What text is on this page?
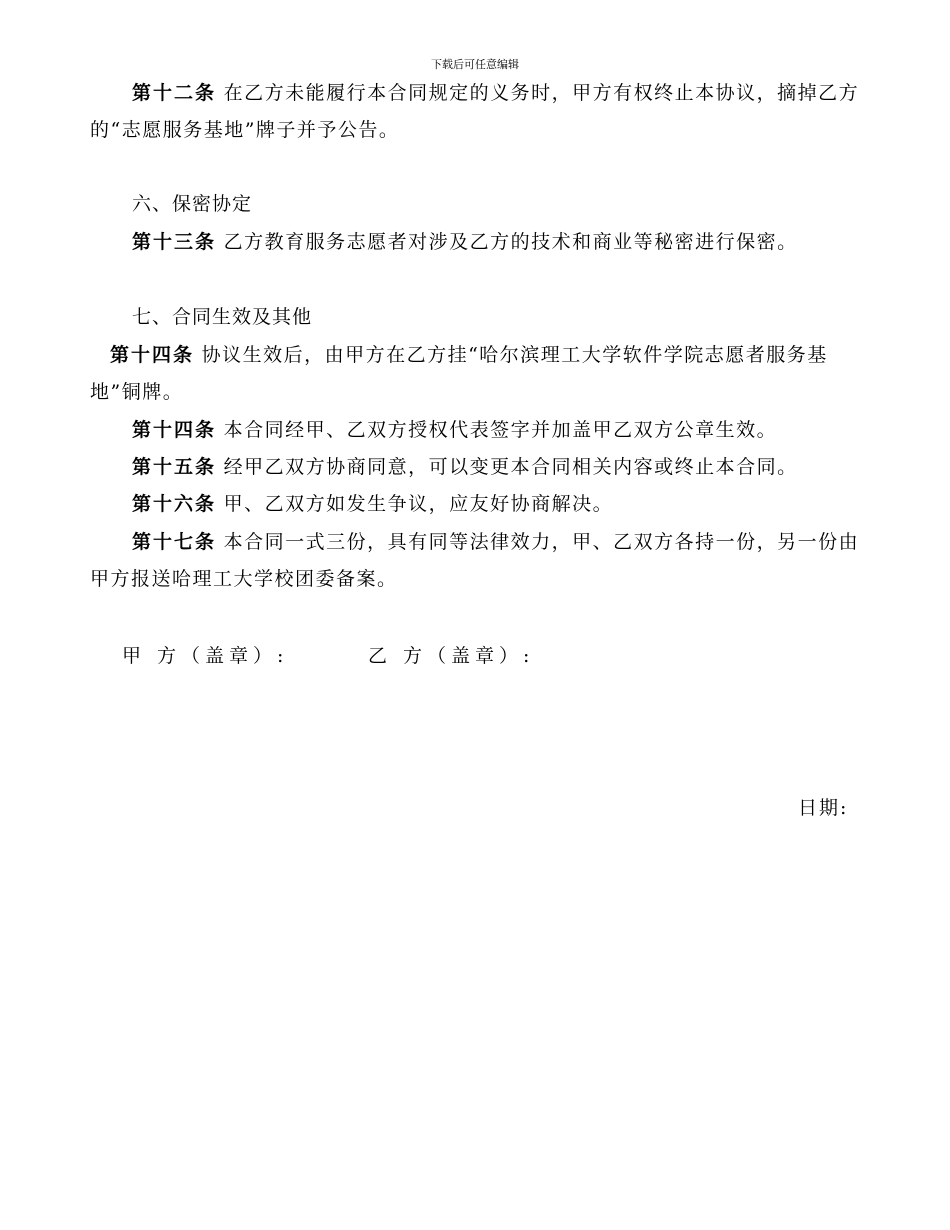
下载后可任意编辑

第十二条 在乙方未能履行本合同规定的义务时，甲方有权终止本协议，摘掉乙方的“志愿服务基地”牌子并予公告。

六、保密协定

第十三条 乙方教育服务志愿者对涉及乙方的技术和商业等秘密进行保密。

七、合同生效及其他

第十四条 协议生效后，由甲方在乙方挂“哈尔滨理工大学软件学院志愿者服务基地”铜牌。

第十四条 本合同经甲、乙双方授权代表签字并加盖甲乙双方公章生效。

第十五条 经甲乙双方协商同意，可以变更本合同相关内容或终止本合同。

第十六条 甲、乙双方如发生争议，应友好协商解决。

第十七条 本合同一式三份，具有同等法律效力，甲、乙双方各持一份，另一份由甲方报送哈理工大学校团委备案。

甲 方（盖章）:	乙 方（盖章）:
日期:
